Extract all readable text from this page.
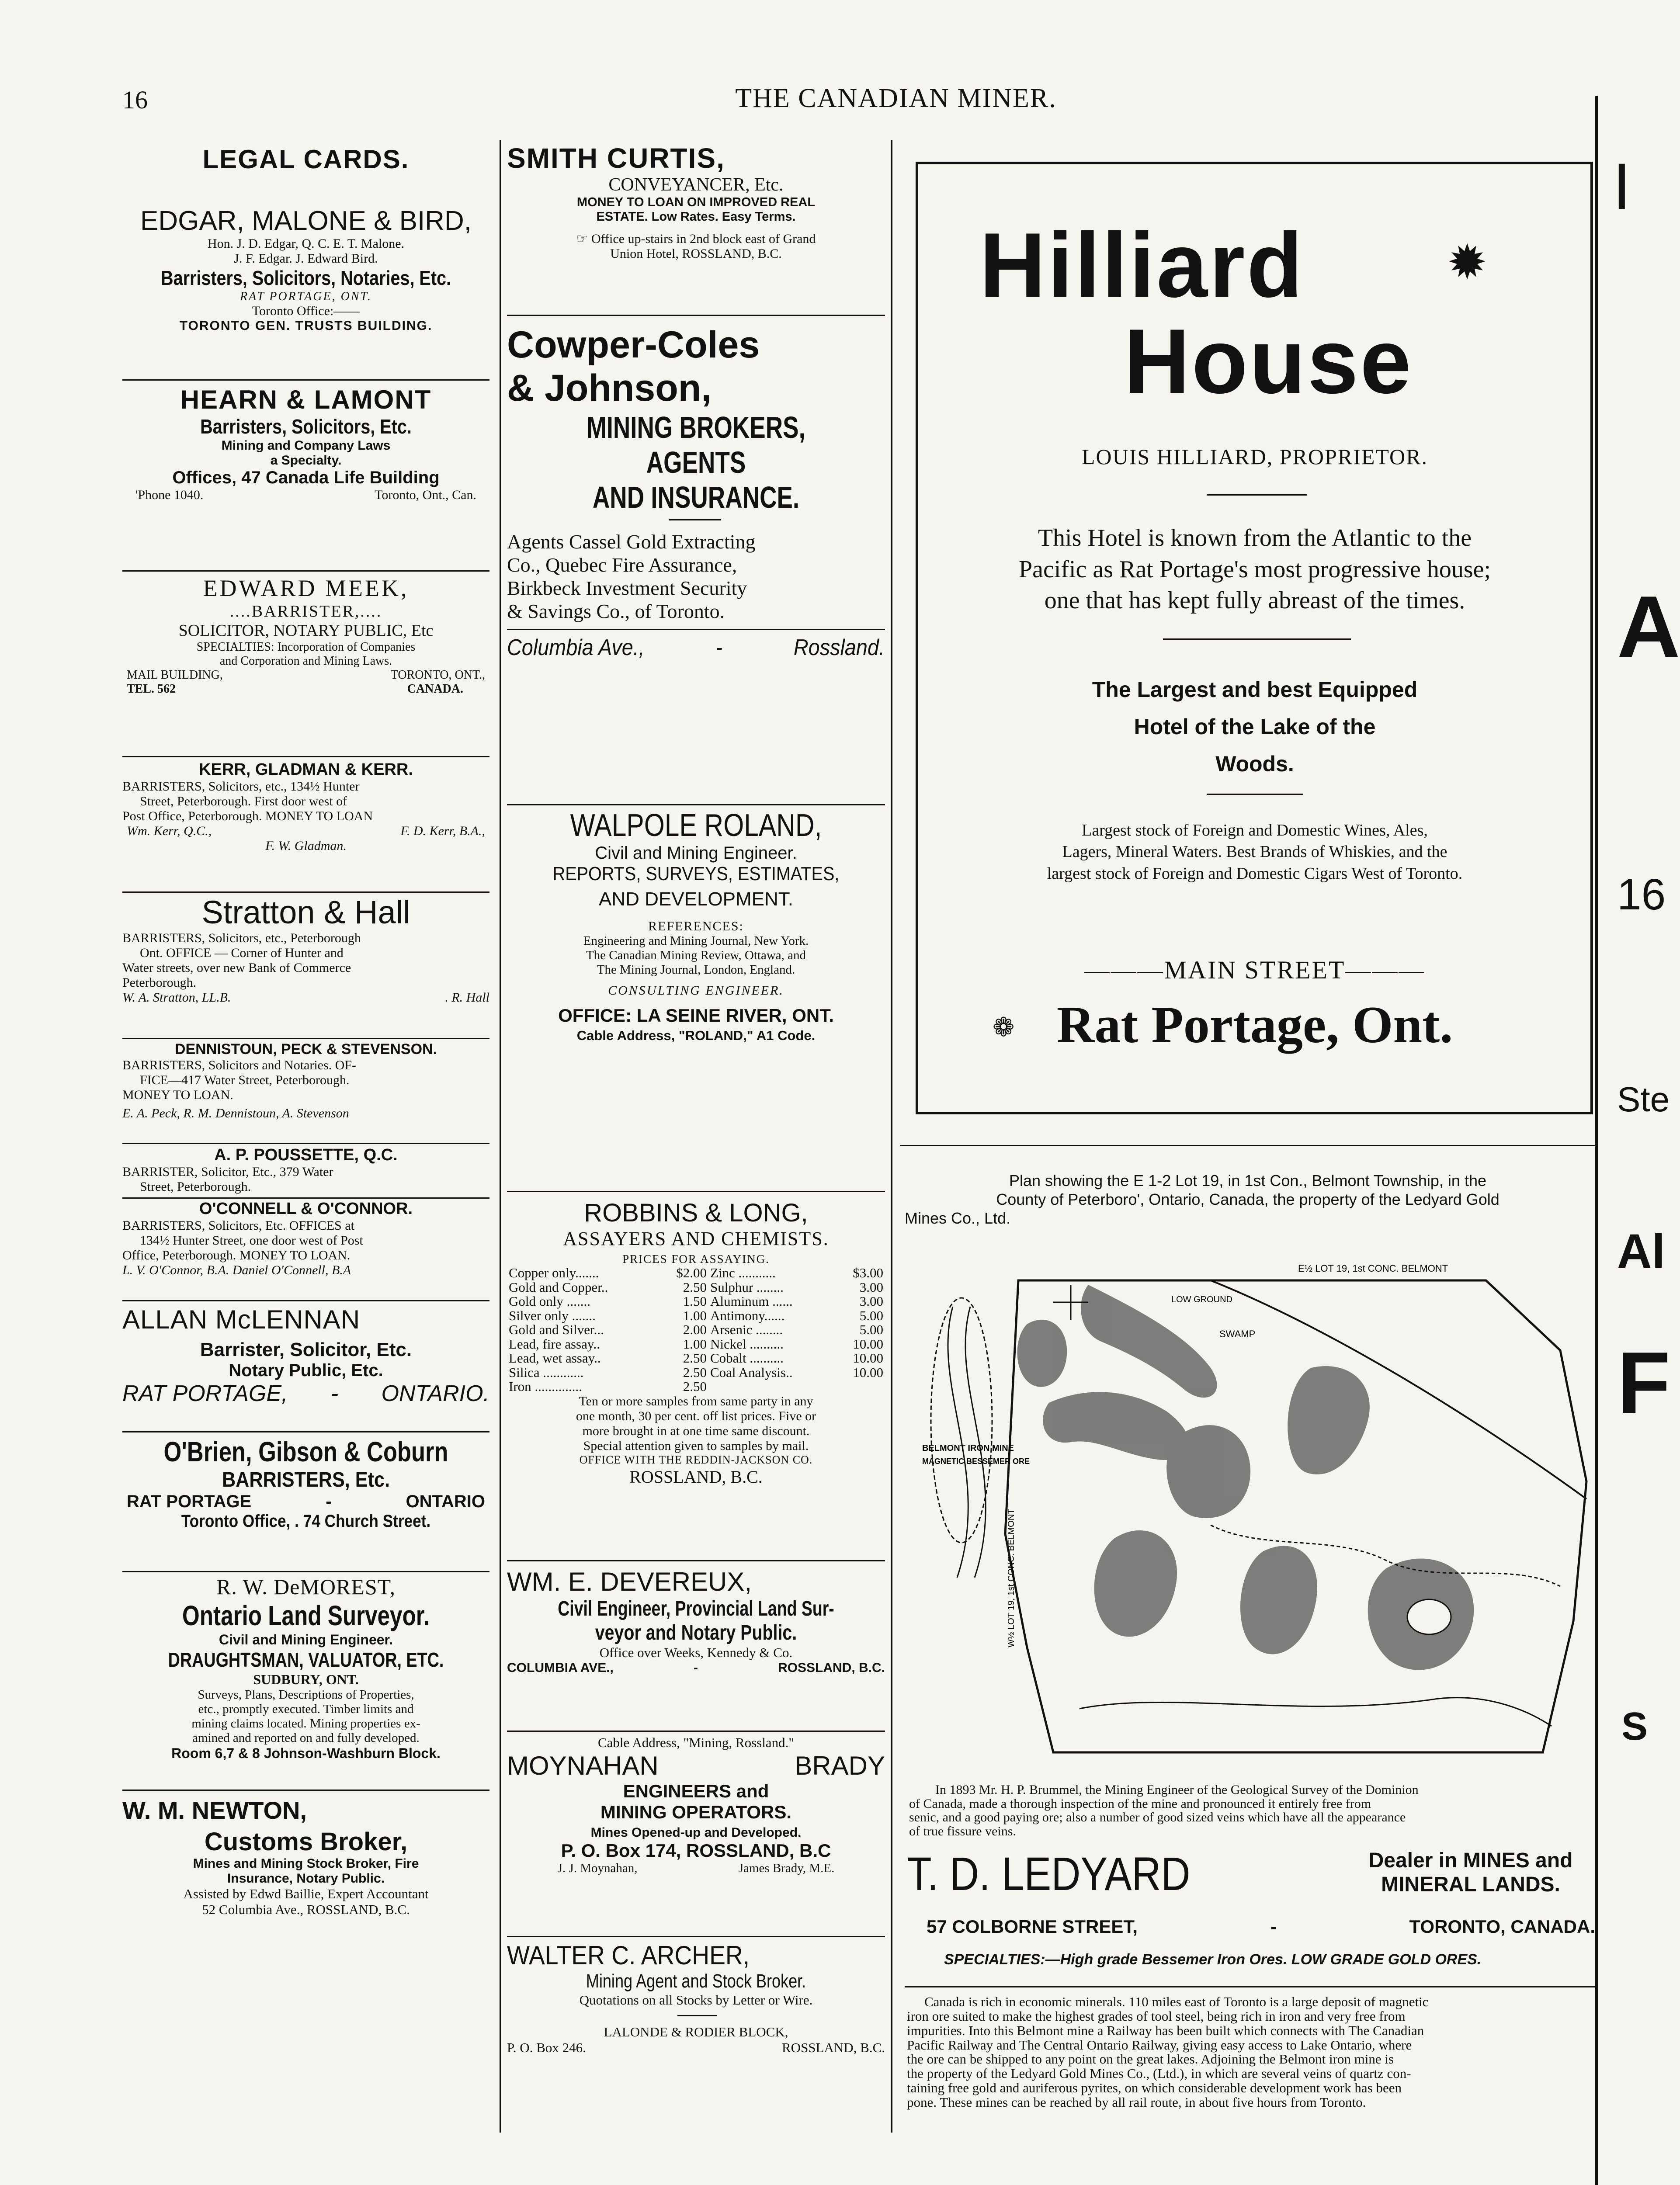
16	THE CANADIAN MINER.
LEGAL CARDS.
EDGAR, MALONE & BIRD,
Hon. J. D. Edgar, Q. C. E. T. Malone.
J. F. Edgar. J. Edward Bird.
Barristers, Solicitors, Notaries, Etc.
RAT PORTAGE, ONT.
Toronto Office:——
TORONTO GEN. TRUSTS BUILDING.
HEARN & LAMONT
Barristers, Solicitors, Etc.
Mining and Company Laws
a Specialty.
Offices, 47 Canada Life Building
'Phone 1040.	Toronto, Ont., Can.
EDWARD MEEK,
....BARRISTER,....
SOLICITOR, NOTARY PUBLIC, Etc
SPECIALTIES: Incorporation of Companies
and Corporation and Mining Laws.
MAIL BUILDING,	TORONTO, ONT.,
TEL. 562	CANADA.
KERR, GLADMAN & KERR.
BARRISTERS, Solicitors, etc., 134½ Hunter
Street, Peterborough. First door west of
Post Office, Peterborough. MONEY TO LOAN
Wm. Kerr, Q.C.,	F. D. Kerr, B.A.,
F. W. Gladman.
Stratton & Hall
BARRISTERS, Solicitors, etc., Peterborough
Ont. OFFICE — Corner of Hunter and
Water streets, over new Bank of Commerce
Peterborough.
W. A. Stratton, LL.B.	. R. Hall
DENNISTOUN, PECK & STEVENSON.
BARRISTERS, Solicitors and Notaries. OF-
FICE—417 Water Street, Peterborough.
MONEY TO LOAN.
E. A. Peck, R. M. Dennistoun, A. Stevenson
A. P. POUSSETTE, Q.C.
BARRISTER, Solicitor, Etc., 379 Water
Street, Peterborough.
O'CONNELL & O'CONNOR.
BARRISTERS, Solicitors, Etc. OFFICES at
134½ Hunter Street, one door west of Post
Office, Peterborough. MONEY TO LOAN.
L. V. O'Connor, B.A. Daniel O'Connell, B.A
ALLAN McLENNAN
Barrister, Solicitor, Etc.
Notary Public, Etc.
RAT PORTAGE, - ONTARIO.
O'Brien, Gibson & Coburn
BARRISTERS, Etc.
RAT PORTAGE	-	ONTARIO
Toronto Office, . 74 Church Street.
R. W. DeMOREST,
Ontario Land Surveyor.
Civil and Mining Engineer.
DRAUGHTSMAN, VALUATOR, ETC.
SUDBURY, ONT.
Surveys, Plans, Descriptions of Properties,
etc., promptly executed. Timber limits and
mining claims located. Mining properties ex-
amined and reported on and fully developed.
Room 6,7 & 8 Johnson-Washburn Block.
W. M. NEWTON,
Customs Broker,
Mines and Mining Stock Broker, Fire
Insurance, Notary Public.
Assisted by Edwd Baillie, Expert Accountant
52 Columbia Ave., ROSSLAND, B.C.
SMITH CURTIS,
CONVEYANCER, Etc.
MONEY TO LOAN ON IMPROVED REAL
ESTATE. Low Rates. Easy Terms.
☞ Office up-stairs in 2nd block east of Grand
Union Hotel, ROSSLAND, B.C.
Cowper-Coles
& Johnson,
MINING BROKERS,
AGENTS
AND INSURANCE.
Agents Cassel Gold Extracting
Co., Quebec Fire Assurance,
Birkbeck Investment Security
& Savings Co., of Toronto.
Columbia Ave.,	-	Rossland.
WALPOLE ROLAND,
Civil and Mining Engineer.
REPORTS, SURVEYS, ESTIMATES,
AND DEVELOPMENT.
REFERENCES:
Engineering and Mining Journal, New York.
The Canadian Mining Review, Ottawa, and
The Mining Journal, London, England.
CONSULTING ENGINEER.
OFFICE: LA SEINE RIVER, ONT.
Cable Address, "ROLAND," A1 Code.
ROBBINS & LONG,
ASSAYERS AND CHEMISTS.
PRICES FOR ASSAYING.
Copper only.......	$2.00	Zinc ...........	$3.00
Gold and Copper..	2.50	Sulphur ........	3.00
Gold only .......	1.50	Aluminum ......	3.00
Silver only .......	1.00	Antimony......	5.00
Gold and Silver...	2.00	Arsenic ........	5.00
Lead, fire assay..	1.00	Nickel ..........	10.00
Lead, wet assay..	2.50	Cobalt ..........	10.00
Silica ............	2.50	Coal Analysis..	10.00
Iron ..............	2.50		
Ten or more samples from same party in any
one month, 30 per cent. off list prices. Five or
more brought in at one time same discount.
Special attention given to samples by mail.
OFFICE WITH THE REDDIN-JACKSON CO.
ROSSLAND, B.C.
WM. E. DEVEREUX,
Civil Engineer, Provincial Land Sur-
veyor and Notary Public.
Office over Weeks, Kennedy & Co.
COLUMBIA AVE.,	-	ROSSLAND, B.C.
Cable Address, "Mining, Rossland."
MOYNAHAN	BRADY
ENGINEERS and
MINING OPERATORS.
Mines Opened-up and Developed.
P. O. Box 174, ROSSLAND, B.C
J. J. Moynahan,	James Brady, M.E.
WALTER C. ARCHER,
Mining Agent and Stock Broker.
Quotations on all Stocks by Letter or Wire.
LALONDE & RODIER BLOCK,
P. O. Box 246.	ROSSLAND, B.C.
Hilliard	✹
House
LOUIS HILLIARD, PROPRIETOR.
This Hotel is known from the Atlantic to the
Pacific as Rat Portage's most progressive house;
one that has kept fully abreast of the times.
The Largest and best Equipped
Hotel of the Lake of the
Woods.
Largest stock of Foreign and Domestic Wines, Ales,
Lagers, Mineral Waters. Best Brands of Whiskies, and the
largest stock of Foreign and Domestic Cigars West of Toronto.
———MAIN STREET———
❁ Rat Portage, Ont.
Plan showing the E 1-2 Lot 19, in 1st Con., Belmont Township, in the
County of Peterboro', Ontario, Canada, the property of the Ledyard Gold
Mines Co., Ltd.
E½ LOT 19, 1st CONC. BELMONT
LOW GROUND
SWAMP
BELMONT IRON MINE
MAGNETIC BESSEMER ORE
W½ LOT 19, 1st CONC. BELMONT
In 1893 Mr. H. P. Brummel, the Mining Engineer of the Geological Survey of the Dominion
of Canada, made a thorough inspection of the mine and pronounced it entirely free from
senic, and a good paying ore; also a number of good sized veins which have all the appearance
of true fissure veins.
T. D. LEDYARD	Dealer in MINES and
MINERAL LANDS.
57 COLBORNE STREET,	-	TORONTO, CANADA.
SPECIALTIES:—High grade Bessemer Iron Ores. LOW GRADE GOLD ORES.
Canada is rich in economic minerals. 110 miles east of Toronto is a large deposit of magnetic
iron ore suited to make the highest grades of tool steel, being rich in iron and very free from
impurities. Into this Belmont mine a Railway has been built which connects with The Canadian
Pacific Railway and The Central Ontario Railway, giving easy access to Lake Ontario, where
the ore can be shipped to any point on the great lakes. Adjoining the Belmont iron mine is
the property of the Ledyard Gold Mines Co., (Ltd.), in which are several veins of quartz con-
taining free gold and auriferous pyrites, on which considerable development work has been
pone. These mines can be reached by all rail route, in about five hours from Toronto.
I
A
16
Ste
Al
F
S
